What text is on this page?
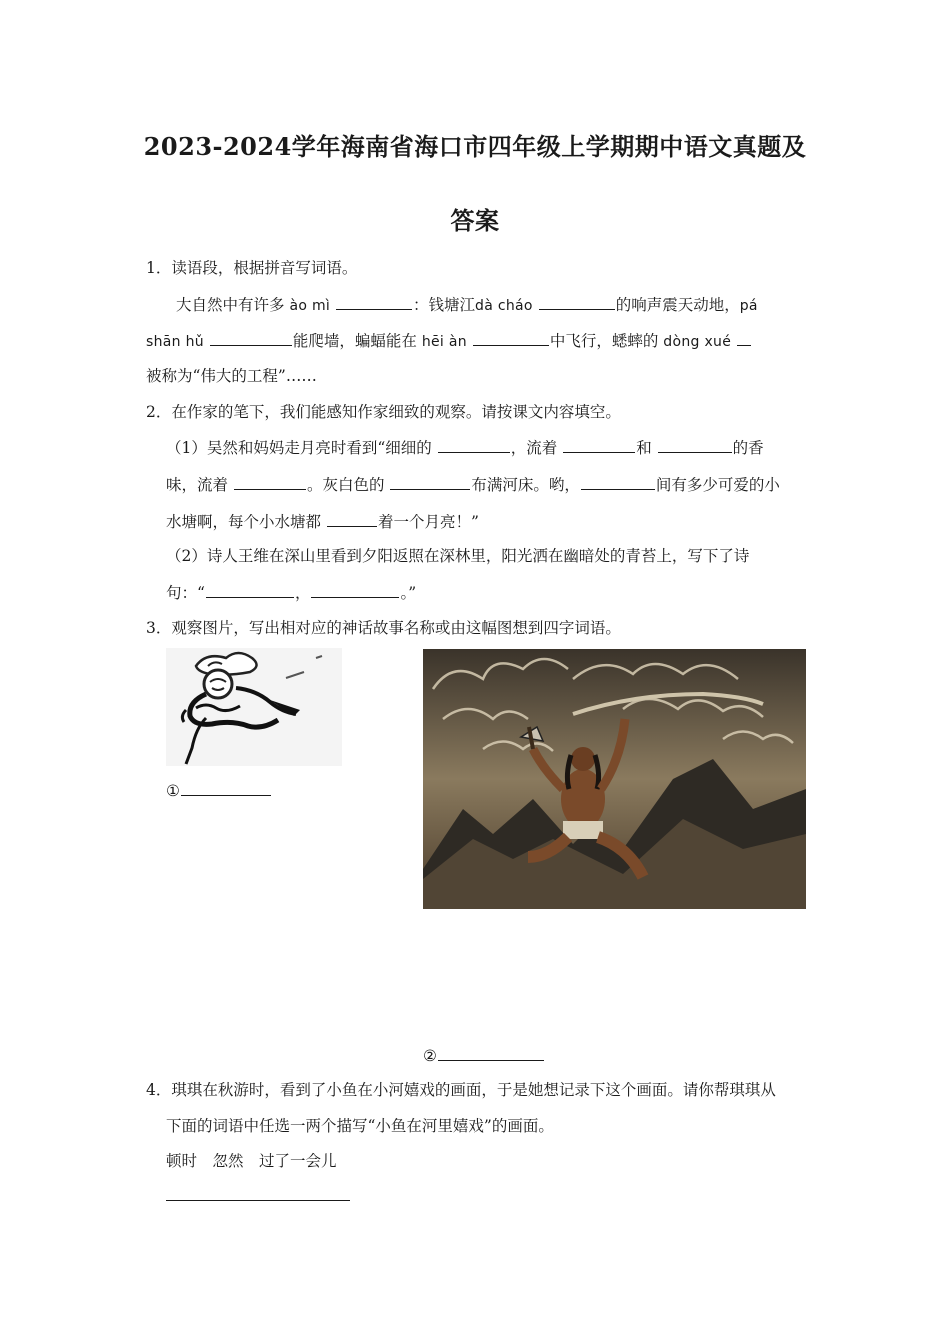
2023-2024学年海南省海口市四年级上学期期中语文真题及
答案
1．读语段，根据拼音写词语。
大自然中有许多 ào mì	：钱塘江dà cháo	的响声震天动地，pá
shān hǔ	能爬墙，蝙蝠能在 hēi àn	中飞行，蟋蟀的 dòng xué
被称为“伟大的工程”……
2．在作家的笔下，我们能感知作家细致的观察。请按课文内容填空。
（1）吴然和妈妈走月亮时看到“细细的	，流着	和	的香
味，流着	。灰白色的	布满河床。哟，	间有多少可爱的小
水塘啊，每个小水塘都	着一个月亮！”
（2）诗人王维在深山里看到夕阳返照在深林里，阳光洒在幽暗处的青苔上，写下了诗
句：“	，	。”
3．观察图片，写出相对应的神话故事名称或由这幅图想到四字词语。
①
②
4．琪琪在秋游时，看到了小鱼在小河嬉戏的画面，于是她想记录下这个画面。请你帮琪琪从
下面的词语中任选一两个描写“小鱼在河里嬉戏”的画面。
顿时　忽然　过了一会儿
